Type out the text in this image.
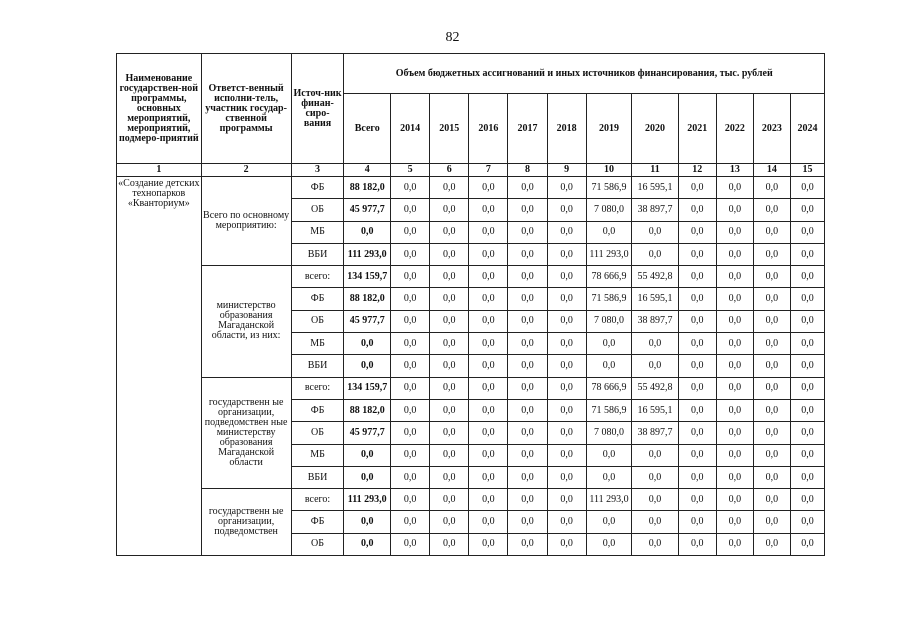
82
Наименование государствен-ной программы, основных мероприятий, мероприятий, подмеро-приятий	Ответст-венный исполни-тель, участник государ-ственной программы	Источ-ник финан-сиро-вания	Объем бюджетных ассигнований и иных источников финансирования, тыс. рублей											
			Всего	2014	2015	2016	2017	2018	2019	2020	2021	2022	2023	2024
1	2	3	4	5	6	7	8	9	10	11	12	13	14	15
«Создание детских технопарков «Кванториум»	Всего по основному мероприятию:	ФБ	88 182,0	0,0	0,0	0,0	0,0	0,0	71 586,9	16 595,1	0,0	0,0	0,0	0,0
		ОБ	45 977,7	0,0	0,0	0,0	0,0	0,0	7 080,0	38 897,7	0,0	0,0	0,0	0,0
		МБ	0,0	0,0	0,0	0,0	0,0	0,0	0,0	0,0	0,0	0,0	0,0	0,0
		ВБИ	111 293,0	0,0	0,0	0,0	0,0	0,0	111 293,0	0,0	0,0	0,0	0,0	0,0
	министерство образования Магаданской области, из них:	всего:	134 159,7	0,0	0,0	0,0	0,0	0,0	78 666,9	55 492,8	0,0	0,0	0,0	0,0
		ФБ	88 182,0	0,0	0,0	0,0	0,0	0,0	71 586,9	16 595,1	0,0	0,0	0,0	0,0
		ОБ	45 977,7	0,0	0,0	0,0	0,0	0,0	7 080,0	38 897,7	0,0	0,0	0,0	0,0
		МБ	0,0	0,0	0,0	0,0	0,0	0,0	0,0	0,0	0,0	0,0	0,0	0,0
		ВБИ	0,0	0,0	0,0	0,0	0,0	0,0	0,0	0,0	0,0	0,0	0,0	0,0
	государственн ые организации, подведомствен ные министерству образования Магаданской области	всего:	134 159,7	0,0	0,0	0,0	0,0	0,0	78 666,9	55 492,8	0,0	0,0	0,0	0,0
		ФБ	88 182,0	0,0	0,0	0,0	0,0	0,0	71 586,9	16 595,1	0,0	0,0	0,0	0,0
		ОБ	45 977,7	0,0	0,0	0,0	0,0	0,0	7 080,0	38 897,7	0,0	0,0	0,0	0,0
		МБ	0,0	0,0	0,0	0,0	0,0	0,0	0,0	0,0	0,0	0,0	0,0	0,0
		ВБИ	0,0	0,0	0,0	0,0	0,0	0,0	0,0	0,0	0,0	0,0	0,0	0,0
	государственн ые организации, подведомствен	всего:	111 293,0	0,0	0,0	0,0	0,0	0,0	111 293,0	0,0	0,0	0,0	0,0	0,0
		ФБ	0,0	0,0	0,0	0,0	0,0	0,0	0,0	0,0	0,0	0,0	0,0	0,0
		ОБ	0,0	0,0	0,0	0,0	0,0	0,0	0,0	0,0	0,0	0,0	0,0	0,0
